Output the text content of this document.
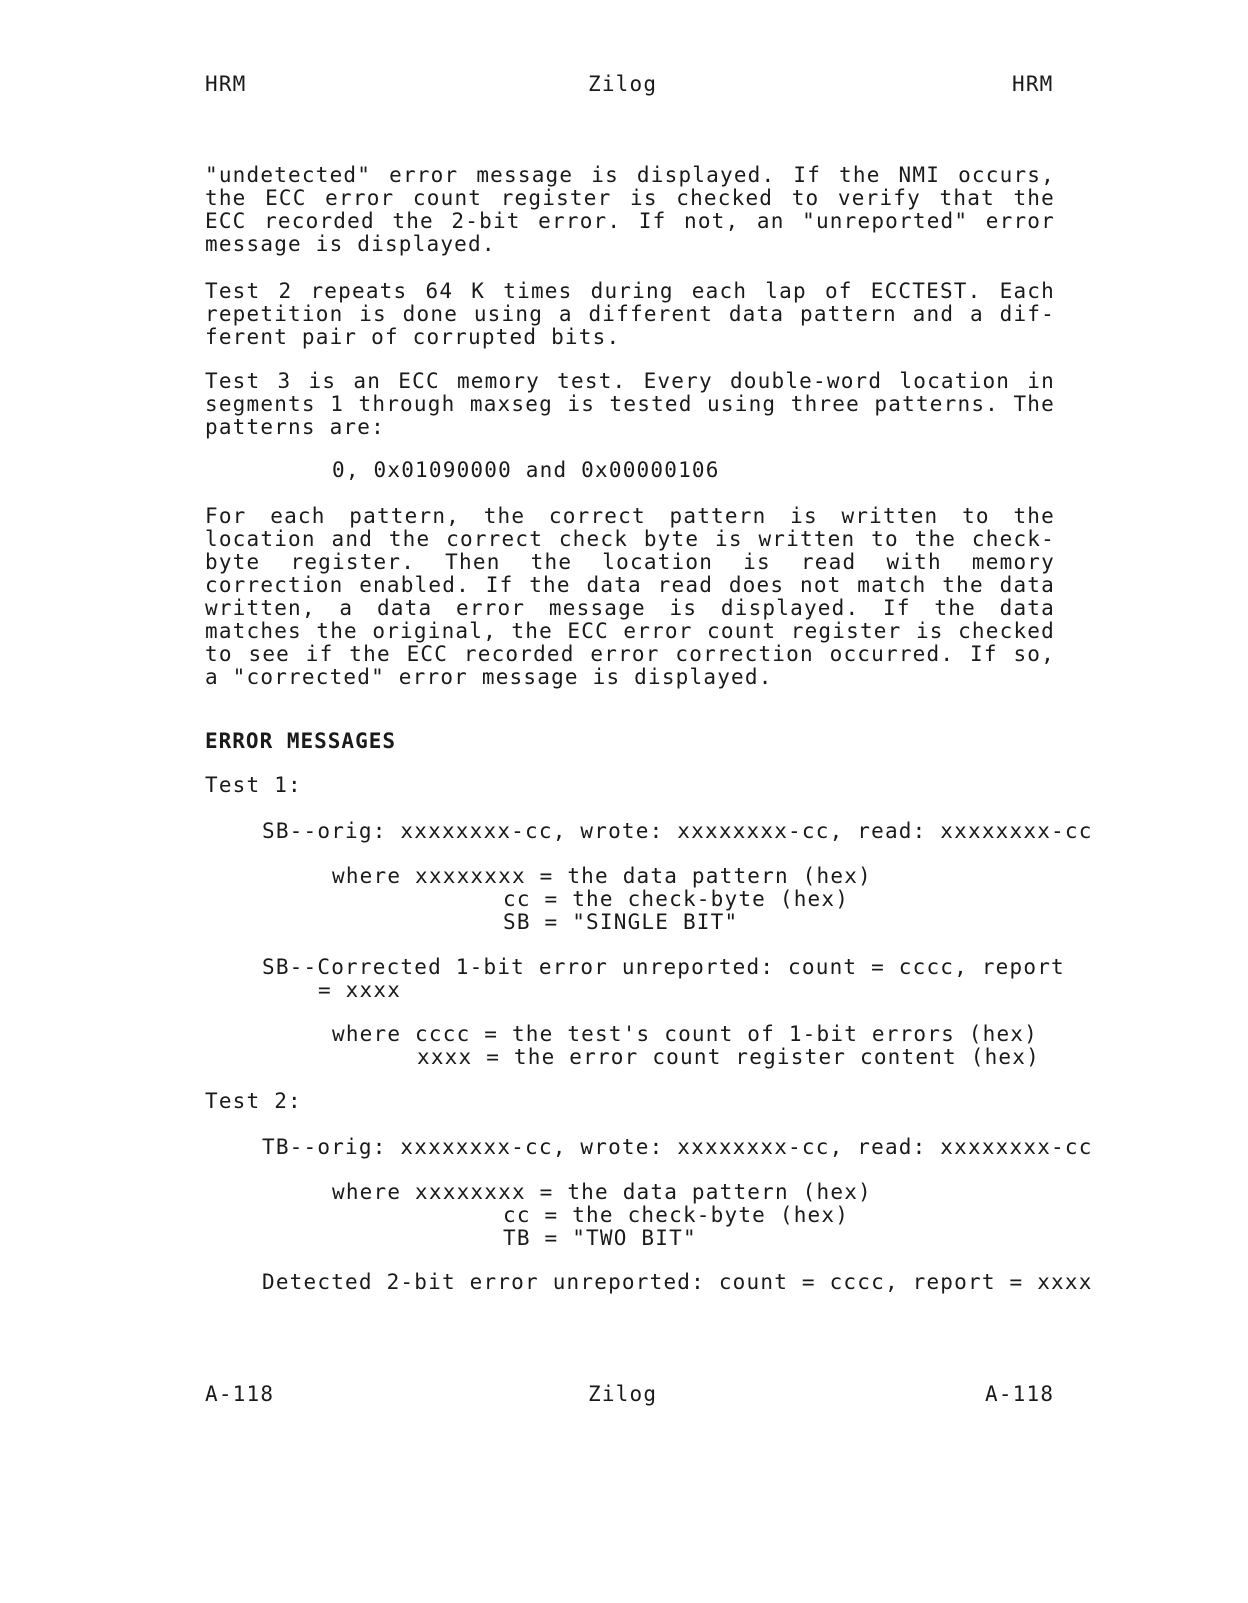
HRM	Zilog	HRM
"undetected" error message is displayed. If the NMI occurs, the ECC error count register is checked to verify that the ECC recorded the 2-bit error. If not, an "unreported" error message is displayed.
Test 2 repeats 64 K times during each lap of ECCTEST. Each repetition is done using a different data pattern and a dif-ferent pair of corrupted bits.
Test 3 is an ECC memory test. Every double-word location in segments 1 through maxseg is tested using three patterns. The patterns are:
0, 0x01090000 and 0x00000106
For each pattern, the correct pattern is written to the location and the correct check byte is written to the check-byte register. Then the location is read with memory correction enabled. If the data read does not match the data written, a data error message is displayed. If the data matches the original, the ECC error count register is checked to see if the ECC recorded error correction occurred. If so, a "corrected" error message is displayed.
ERROR MESSAGES
Test 1:
SB--orig: xxxxxxxx-cc, wrote: xxxxxxxx-cc, read: xxxxxxxx-cc
where xxxxxxxx = the data pattern (hex)
cc = the check-byte (hex)
SB = "SINGLE BIT"
SB--Corrected 1-bit error unreported: count = cccc, report
= xxxx
where cccc = the test's count of 1-bit errors (hex)
xxxx = the error count register content (hex)
Test 2:
TB--orig: xxxxxxxx-cc, wrote: xxxxxxxx-cc, read: xxxxxxxx-cc
where xxxxxxxx = the data pattern (hex)
cc = the check-byte (hex)
TB = "TWO BIT"
Detected 2-bit error unreported: count = cccc, report = xxxx
A-118	Zilog	A-118
